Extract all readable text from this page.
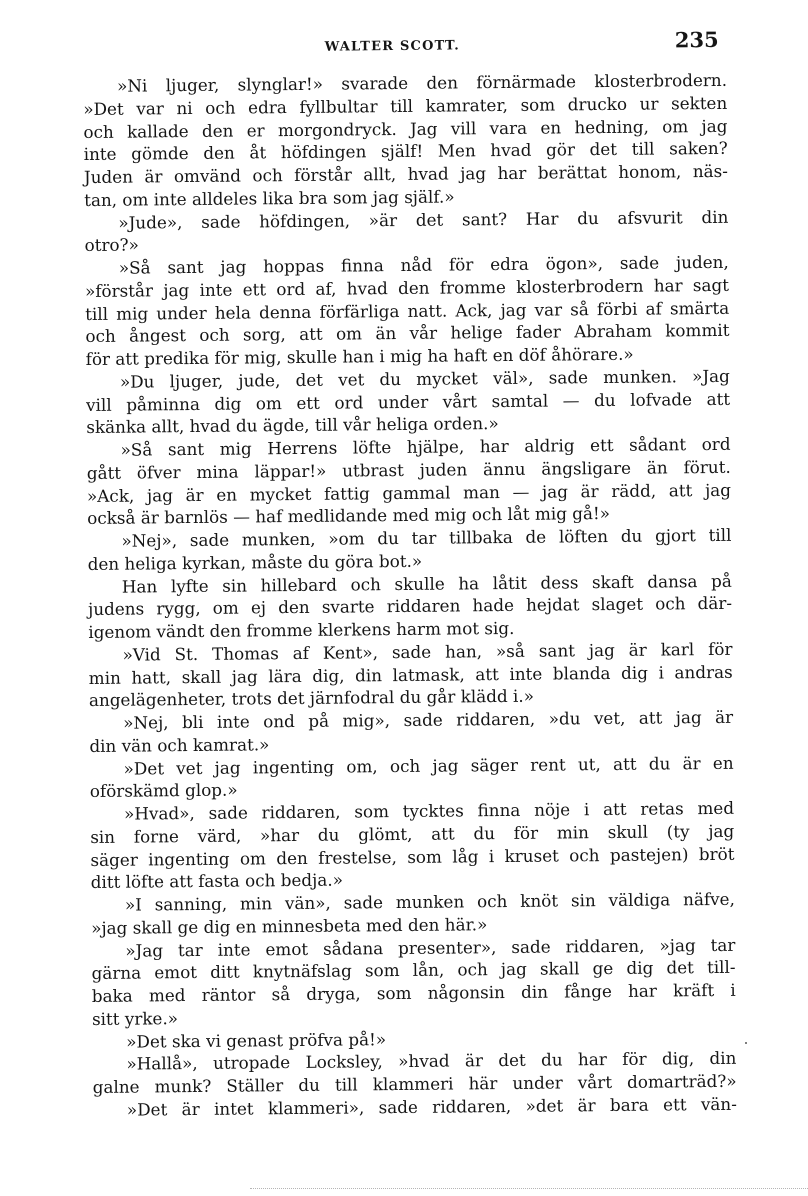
WALTER SCOTT.	235
»Ni ljuger, slynglar!» svarade den förnärmade klosterbrodern.
»Det var ni och edra fyllbultar till kamrater, som drucko ur sekten
och kallade den er morgondryck. Jag vill vara en hedning, om jag
inte gömde den åt höfdingen själf! Men hvad gör det till saken?
Juden är omvänd och förstår allt, hvad jag har berättat honom, näs-
tan, om inte alldeles lika bra som jag själf.»
»Jude», sade höfdingen, »är det sant? Har du afsvurit din
otro?»
»Så sant jag hoppas finna nåd för edra ögon», sade juden,
»förstår jag inte ett ord af, hvad den fromme klosterbrodern har sagt
till mig under hela denna förfärliga natt. Ack, jag var så förbi af smärta
och ångest och sorg, att om än vår helige fader Abraham kommit
för att predika för mig, skulle han i mig ha haft en döf åhörare.»
»Du ljuger, jude, det vet du mycket väl», sade munken. »Jag
vill påminna dig om ett ord under vårt samtal — du lofvade att
skänka allt, hvad du ägde, till vår heliga orden.»
»Så sant mig Herrens löfte hjälpe, har aldrig ett sådant ord
gått öfver mina läppar!» utbrast juden ännu ängsligare än förut.
»Ack, jag är en mycket fattig gammal man — jag är rädd, att jag
också är barnlös — haf medlidande med mig och låt mig gå!»
»Nej», sade munken, »om du tar tillbaka de löften du gjort till
den heliga kyrkan, måste du göra bot.»
Han lyfte sin hillebard och skulle ha låtit dess skaft dansa på
judens rygg, om ej den svarte riddaren hade hejdat slaget och där-
igenom vändt den fromme klerkens harm mot sig.
»Vid St. Thomas af Kent», sade han, »så sant jag är karl för
min hatt, skall jag lära dig, din latmask, att inte blanda dig i andras
angelägenheter, trots det järnfodral du går klädd i.»
»Nej, bli inte ond på mig», sade riddaren, »du vet, att jag är
din vän och kamrat.»
»Det vet jag ingenting om, och jag säger rent ut, att du är en
oförskämd glop.»
»Hvad», sade riddaren, som tycktes finna nöje i att retas med
sin forne värd, »har du glömt, att du för min skull (ty jag
säger ingenting om den frestelse, som låg i kruset och pastejen) bröt
ditt löfte att fasta och bedja.»
»I sanning, min vän», sade munken och knöt sin väldiga näfve,
»jag skall ge dig en minnesbeta med den här.»
»Jag tar inte emot sådana presenter», sade riddaren, »jag tar
gärna emot ditt knytnäfslag som lån, och jag skall ge dig det till-
baka med räntor så dryga, som någonsin din fånge har kräft i
sitt yrke.»
»Det ska vi genast pröfva på!»
»Hallå», utropade Locksley, »hvad är det du har för dig, din
galne munk? Ställer du till klammeri här under vårt domarträd?»
»Det är intet klammeri», sade riddaren, »det är bara ett vän-
